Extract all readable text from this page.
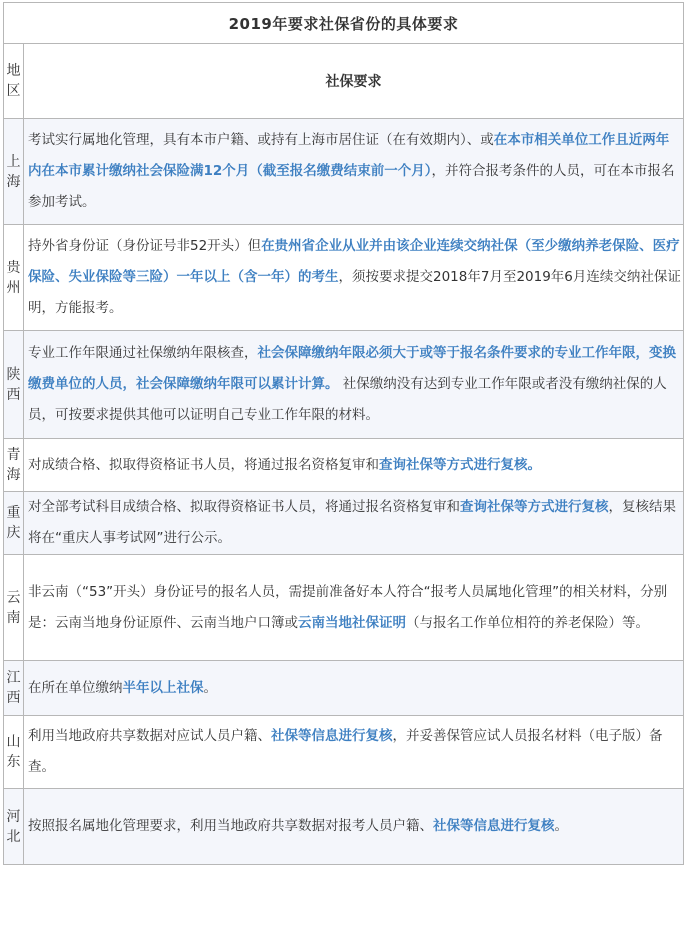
2019年要求社保省份的具体要求	
地区	社保要求
上海	考试实行属地化管理，具有本市户籍、或持有上海市居住证（在有效期内）、或在本市相关单位工作且近两年内在本市累计缴纳社会保险满12个月（截至报名缴费结束前一个月），并符合报考条件的人员，可在本市报名参加考试。
贵州	持外省身份证（身份证号非52开头）但在贵州省企业从业并由该企业连续交纳社保（至少缴纳养老保险、医疗保险、失业保险等三险）一年以上（含一年）的考生，须按要求提交2018年7月至2019年6月连续交纳社保证明，方能报考。
陕西	专业工作年限通过社保缴纳年限核查，社会保障缴纳年限必须大于或等于报名条件要求的专业工作年限，变换缴费单位的人员，社会保障缴纳年限可以累计计算。 社保缴纳没有达到专业工作年限或者没有缴纳社保的人员，可按要求提供其他可以证明自己专业工作年限的材料。
青海	对成绩合格、拟取得资格证书人员，将通过报名资格复审和查询社保等方式进行复核。
重庆	对全部考试科目成绩合格、拟取得资格证书人员，将通过报名资格复审和查询社保等方式进行复核，复核结果将在“重庆人事考试网”进行公示。
云南	非云南（“53”开头）身份证号的报名人员，需提前准备好本人符合“报考人员属地化管理”的相关材料，分别是：云南当地身份证原件、云南当地户口簿或云南当地社保证明（与报名工作单位相符的养老保险）等。
江西	在所在单位缴纳半年以上社保。
山东	利用当地政府共享数据对应试人员户籍、社保等信息进行复核，并妥善保管应试人员报名材料（电子版）备查。
河北	按照报名属地化管理要求，利用当地政府共享数据对报考人员户籍、社保等信息进行复核。
